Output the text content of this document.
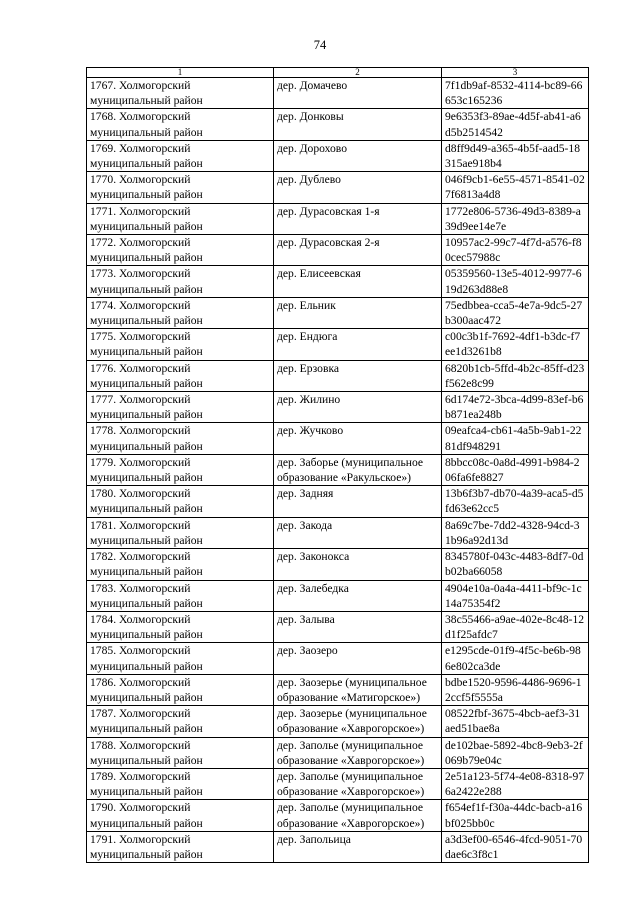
74
1	2	3
1767. Холмогорский муниципальный район	дер. Домачево	7f1db9af-8532-4114-bc89-66653c165236
1768. Холмогорский муниципальный район	дер. Донковы	9e6353f3-89ae-4d5f-ab41-a6d5b2514542
1769. Холмогорский муниципальный район	дер. Дорохово	d8ff9d49-a365-4b5f-aad5-18315ae918b4
1770. Холмогорский муниципальный район	дер. Дублево	046f9cb1-6e55-4571-8541-027f6813a4d8
1771. Холмогорский муниципальный район	дер. Дурасовская 1-я	1772e806-5736-49d3-8389-a39d9ee14e7e
1772. Холмогорский муниципальный район	дер. Дурасовская 2-я	10957ac2-99c7-4f7d-a576-f80cec57988c
1773. Холмогорский муниципальный район	дер. Елисеевская	05359560-13e5-4012-9977-619d263d88e8
1774. Холмогорский муниципальный район	дер. Ельник	75edbbea-cca5-4e7a-9dc5-27b300aac472
1775. Холмогорский муниципальный район	дер. Ендюга	c00c3b1f-7692-4df1-b3dc-f7ee1d3261b8
1776. Холмогорский муниципальный район	дер. Ерзовка	6820b1cb-5ffd-4b2c-85ff-d23f562e8c99
1777. Холмогорский муниципальный район	дер. Жилино	6d174e72-3bca-4d99-83ef-b6b871ea248b
1778. Холмогорский муниципальный район	дер. Жучково	09eafca4-cb61-4a5b-9ab1-2281df948291
1779. Холмогорский муниципальный район	дер. Заборье (муниципальное образование «Ракульское»)	8bbcc08c-0a8d-4991-b984-206fa6fe8827
1780. Холмогорский муниципальный район	дер. Задняя	13b6f3b7-db70-4a39-aca5-d5fd63e62cc5
1781. Холмогорский муниципальный район	дер. Закода	8a69c7be-7dd2-4328-94cd-31b96a92d13d
1782. Холмогорский муниципальный район	дер. Законокса	8345780f-043c-4483-8df7-0db02ba66058
1783. Холмогорский муниципальный район	дер. Залебедка	4904e10a-0a4a-4411-bf9c-1c14a75354f2
1784. Холмогорский муниципальный район	дер. Залыва	38c55466-a9ae-402e-8c48-12d1f25afdc7
1785. Холмогорский муниципальный район	дер. Заозеро	e1295cde-01f9-4f5c-be6b-986e802ca3de
1786. Холмогорский муниципальный район	дер. Заозерье (муниципальное образование «Матигорское»)	bdbe1520-9596-4486-9696-12ccf5f5555a
1787. Холмогорский муниципальный район	дер. Заозерье (муниципальное образование «Хаврогорское»)	08522fbf-3675-4bcb-aef3-31aed51bae8a
1788. Холмогорский муниципальный район	дер. Заполье (муниципальное образование «Хаврогорское»)	de102bae-5892-4bc8-9eb3-2f069b79e04c
1789. Холмогорский муниципальный район	дер. Заполье (муниципальное образование «Хаврогорское»)	2e51a123-5f74-4e08-8318-976a2422e288
1790. Холмогорский муниципальный район	дер. Заполье (муниципальное образование «Хаврогорское»)	f654ef1f-f30a-44dc-bacb-a16bf025bb0c
1791. Холмогорский муниципальный район	дер. Запольица	a3d3ef00-6546-4fcd-9051-70dae6c3f8c1
